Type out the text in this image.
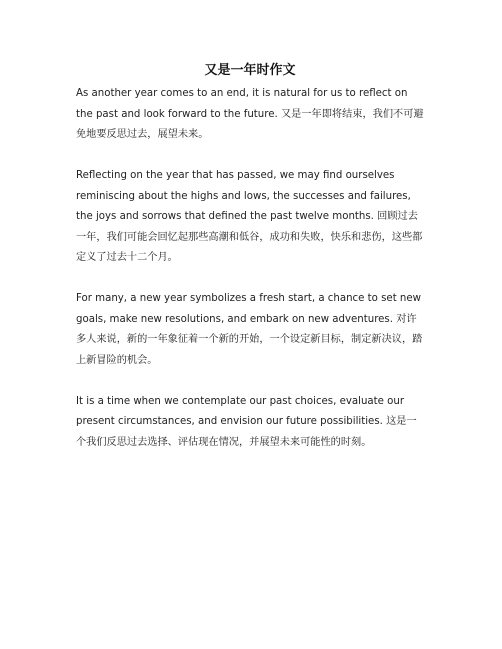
又是一年时作文

As another year comes to an end, it is natural for us to reflect on the past and look forward to the future. 又是一年即将结束，我们不可避免地要反思过去，展望未来。

Reflecting on the year that has passed, we may find ourselves reminiscing about the highs and lows, the successes and failures, the joys and sorrows that defined the past twelve months. 回顾过去一年，我们可能会回忆起那些高潮和低谷，成功和失败，快乐和悲伤，这些都定义了过去十二个月。

For many, a new year symbolizes a fresh start, a chance to set new goals, make new resolutions, and embark on new adventures. 对许多人来说，新的一年象征着一个新的开始，一个设定新目标，制定新决议，踏上新冒险的机会。

It is a time when we contemplate our past choices, evaluate our present circumstances, and envision our future possibilities. 这是一个我们反思过去选择、评估现在情况，并展望未来可能性的时刻。
